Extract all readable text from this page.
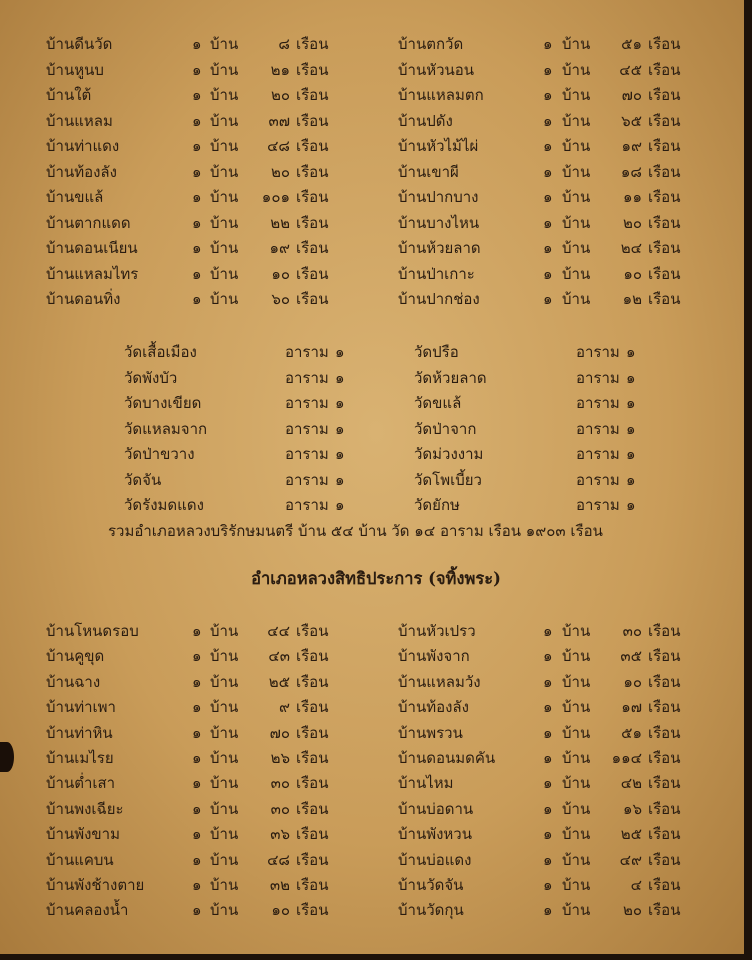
บ้านดีนวัด	๑ บ้าน	๘ เรือน	บ้านตกวัด	๑ บ้าน	๕๑ เรือน
บ้านหูนบ	๑ บ้าน	๒๑ เรือน	บ้านหัวนอน	๑ บ้าน	๔๕ เรือน
บ้านใต้	๑ บ้าน	๒๐ เรือน	บ้านแหลมตก	๑ บ้าน	๗๐ เรือน
บ้านแหลม	๑ บ้าน	๓๗ เรือน	บ้านปดัง	๑ บ้าน	๖๕ เรือน
บ้านท่าแดง	๑ บ้าน	๔๘ เรือน	บ้านหัวไม้ไผ่	๑ บ้าน	๑๙ เรือน
บ้านท้องลัง	๑ บ้าน	๒๐ เรือน	บ้านเขาผี	๑ บ้าน	๑๘ เรือน
บ้านขแล้	๑ บ้าน	๑๐๑ เรือน	บ้านปากบาง	๑ บ้าน	๑๑ เรือน
บ้านตากแดด	๑ บ้าน	๒๒ เรือน	บ้านบางไหน	๑ บ้าน	๒๐ เรือน
บ้านดอนเนียน	๑ บ้าน	๑๙ เรือน	บ้านห้วยลาด	๑ บ้าน	๒๔ เรือน
บ้านแหลมไทร	๑ บ้าน	๑๐ เรือน	บ้านป่าเกาะ	๑ บ้าน	๑๐ เรือน
บ้านดอนทิ่ง	๑ บ้าน	๖๐ เรือน	บ้านปากช่อง	๑ บ้าน	๑๒ เรือน
วัดเสื้อเมือง	อาราม ๑	วัดปรือ	อาราม ๑
วัดพังบัว	อาราม ๑	วัดห้วยลาด	อาราม ๑
วัดบางเขียด	อาราม ๑	วัดขแล้	อาราม ๑
วัดแหลมจาก	อาราม ๑	วัดป่าจาก	อาราม ๑
วัดป่าขวาง	อาราม ๑	วัดม่วงงาม	อาราม ๑
วัดจัน	อาราม ๑	วัดโพเบี้ยว	อาราม ๑
วัดรังมดแดง	อาราม ๑	วัดยักษ	อาราม ๑
รวมอำเภอหลวงบริรักษมนตรี บ้าน ๕๔ บ้าน วัด ๑๔ อาราม เรือน ๑๙๐๓ เรือน
อำเภอหลวงสิทธิประการ (จทิ้งพระ)
บ้านโหนดรอบ	๑ บ้าน	๔๔ เรือน	บ้านหัวเปรว	๑ บ้าน	๓๐ เรือน
บ้านคูขุด	๑ บ้าน	๔๓ เรือน	บ้านพังจาก	๑ บ้าน	๓๕ เรือน
บ้านฉาง	๑ บ้าน	๒๕ เรือน	บ้านแหลมวัง	๑ บ้าน	๑๐ เรือน
บ้านท่าเพา	๑ บ้าน	๙ เรือน	บ้านท้องลัง	๑ บ้าน	๑๗ เรือน
บ้านท่าหิน	๑ บ้าน	๗๐ เรือน	บ้านพรวน	๑ บ้าน	๕๑ เรือน
บ้านเมไรย	๑ บ้าน	๒๖ เรือน	บ้านดอนมดคัน	๑ บ้าน	๑๑๔ เรือน
บ้านต่ำเสา	๑ บ้าน	๓๐ เรือน	บ้านไหม	๑ บ้าน	๔๒ เรือน
บ้านพงเฉียะ	๑ บ้าน	๓๐ เรือน	บ้านบ่อดาน	๑ บ้าน	๑๖ เรือน
บ้านพังขาม	๑ บ้าน	๓๖ เรือน	บ้านพังหวน	๑ บ้าน	๒๕ เรือน
บ้านแคบน	๑ บ้าน	๔๘ เรือน	บ้านบ่อแดง	๑ บ้าน	๔๙ เรือน
บ้านพังช้างตาย	๑ บ้าน	๓๒ เรือน	บ้านวัดจัน	๑ บ้าน	๔ เรือน
บ้านคลองน้ำ	๑ บ้าน	๑๐ เรือน	บ้านวัดกุน	๑ บ้าน	๒๐ เรือน
